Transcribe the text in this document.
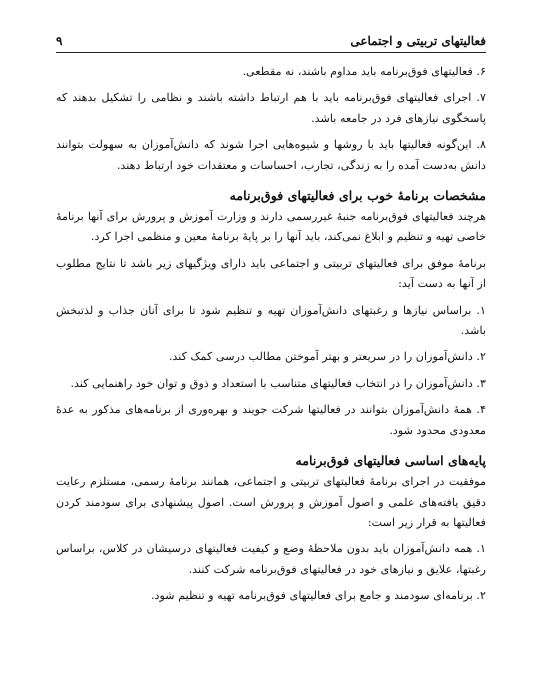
فعالیتهای تربیتی و اجتماعی
۹

۶. فعالیتهای فوق‌برنامه باید مداوم باشند، نه مقطعی.

۷. اجرای فعالیتهای فوق‌برنامه باید با هم ارتباط داشته باشند و نظامی را تشکیل بدهند که پاسخگوی نیازهای فرد در جامعه باشد.

۸. این‌گونه فعالیتها باید با روشها و شیوه‌هایی اجرا شوند که دانش‌آموزان به سهولت بتوانند دانش به‌دست آمده را به زندگی، تجارب، احساسات و معتقدات خود ارتباط دهند.

مشخصات برنامهٔ خوب برای فعالیتهای فوق‌برنامه

هرچند فعالیتهای فوق‌برنامه جنبهٔ غیررسمی دارند و وزارت آموزش و پرورش برای آنها برنامهٔ خاصی تهیه و تنظیم و ابلاغ نمی‌کند، باید آنها را بر پایهٔ برنامهٔ معین و منظمی اجرا کرد.

برنامهٔ موفق برای فعالیتهای تربیتی و اجتماعی باید دارای ویژگیهای زیر باشد تا نتایج مطلوب از آنها به دست آید:

۱. براساس نیازها و رغبتهای دانش‌آموزان تهیه و تنظیم شود تا برای آنان جذاب و لذتبخش باشد.

۲. دانش‌آموزان را در سریعتر و بهتر آموختن مطالب درسی کمک کند.

۳. دانش‌آموزان را در انتخاب فعالیتهای متناسب با استعداد و ذوق و توان خود راهنمایی کند.

۴. همهٔ دانش‌آموزان بتوانند در فعالیتها شرکت جویند و بهره‌وری از برنامه‌های مذکور به عدهٔ معدودی محدود شود.

پایه‌های اساسی فعالیتهای فوق‌برنامه

موفقیت در اجرای برنامهٔ فعالیتهای تربیتی و اجتماعی، همانند برنامهٔ رسمی، مستلزم رعایت دقیق یافته‌های علمی و اصول آموزش و پرورش است. اصول پیشنهادی برای سودمند کردن فعالیتها به قرار زیر است:

۱. همه دانش‌آموزان باید بدون ملاحظهٔ وضع و کیفیت فعالیتهای درسیشان در کلاس، براساس رغبتها، علایق و نیازهای خود در فعالیتهای فوق‌برنامه شرکت کنند.

۲. برنامه‌ای سودمند و جامع برای فعالیتهای فوق‌برنامه تهیه و تنظیم شود.
